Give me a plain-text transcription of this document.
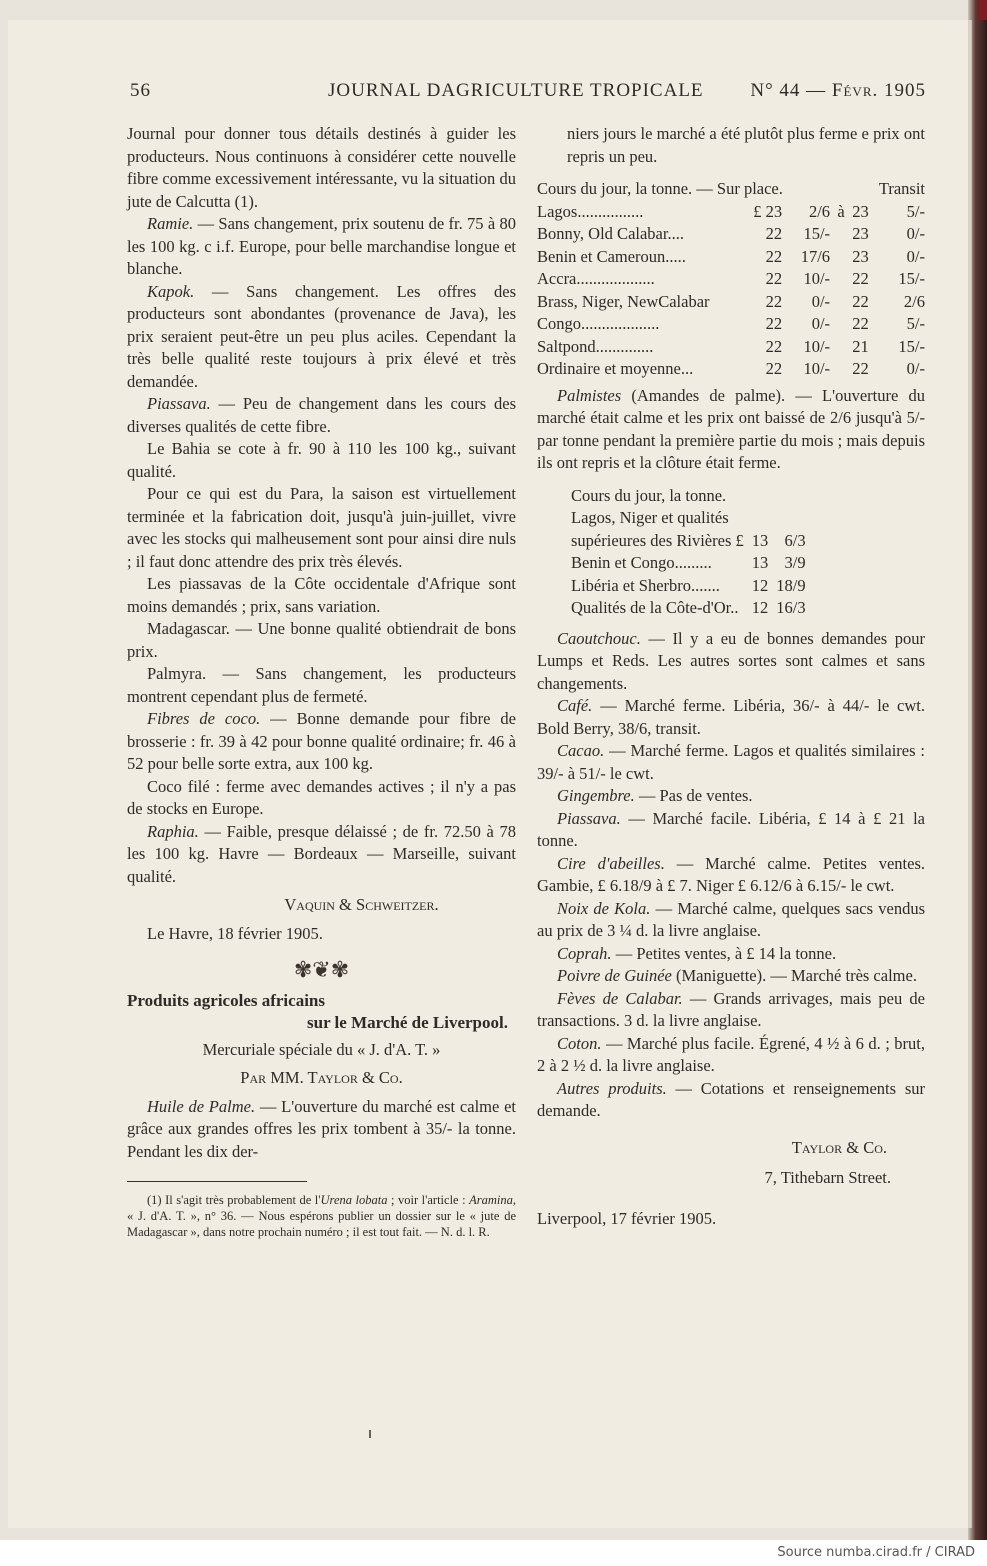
56	JOURNAL DAGRICULTURE TROPICALE N° 44 — Févr. 1905

Journal pour donner tous détails destinés à guider les producteurs. Nous continuons à considérer cette nouvelle fibre comme excessivement intéressante, vu la situation du jute de Calcutta (1).

Ramie. — Sans changement, prix soutenu de fr. 75 à 80 les 100 kg. c i.f. Europe, pour belle marchandise longue et blanche.

Kapok. — Sans changement. Les offres des producteurs sont abondantes (provenance de Java), les prix seraient peut-être un peu plus aciles. Cependant la très belle qualité reste toujours à prix élevé et très demandée.

Piassava. — Peu de changement dans les cours des diverses qualités de cette fibre.

Le Bahia se cote à fr. 90 à 110 les 100 kg., suivant qualité.

Pour ce qui est du Para, la saison est virtuellement terminée et la fabrication doit, jusqu'à juin-juillet, vivre avec les stocks qui malheusement sont pour ainsi dire nuls ; il faut donc attendre des prix très élevés.

Les piassavas de la Côte occidentale d'Afrique sont moins demandés ; prix, sans variation.

Madagascar. — Une bonne qualité obtiendrait de bons prix.

Palmyra. — Sans changement, les producteurs montrent cependant plus de fermeté.

Fibres de coco. — Bonne demande pour fibre de brosserie : fr. 39 à 42 pour bonne qualité ordinaire; fr. 46 à 52 pour belle sorte extra, aux 100 kg.

Coco filé : ferme avec demandes actives ; il n'y a pas de stocks en Europe.

Raphia. — Faible, presque délaissé ; de fr. 72.50 à 78 les 100 kg. Havre — Bordeaux — Marseille, suivant qualité.

Vaquin & Schweitzer.

Le Havre, 18 février 1905.

✾❦✾

Produits agricoles africains

sur le Marché de Liverpool.

Mercuriale spéciale du « J. d'A. T. »

Par MM. Taylor & Co.

Huile de Palme. — L'ouverture du marché est calme et grâce aux grandes offres les prix tombent à 35/- la tonne. Pendant les dix der-

(1) Il s'agit très probablement de l'Urena lobata ; voir l'article : Aramina, « J. d'A. T. », n° 36. — Nous espérons publier un dossier sur le « jute de Madagascar », dans notre prochain numéro ; il est tout fait. — N. d. l. R.

niers jours le marché a été plutôt plus ferme e prix ont repris un peu.

Cours du jour, la tonne. — Sur place.					Transit
Lagos................	£ 23	2/6	à	23	5/-
Bonny, Old Calabar....	22	15/-		23	0/-
Benin et Cameroun.....	22	17/6		23	0/-
Accra...................	22	10/-		22	15/-
Brass, Niger, NewCalabar	22	0/-		22	2/6
Congo...................	22	0/-		22	5/-
Saltpond..............	22	10/-		21	15/-
Ordinaire et moyenne...	22	10/-		22	0/-

Palmistes (Amandes de palme). — L'ouverture du marché était calme et les prix ont baissé de 2/6 jusqu'à 5/- par tonne pendant la première partie du mois ; mais depuis ils ont repris et la clôture était ferme.

Cours du jour, la tonne.		
Lagos, Niger et qualités		
supérieures des Rivières £	13	6/3
Benin et Congo.........	13	3/9
Libéria et Sherbro.......	12	18/9
Qualités de la Côte-d'Or..	12	16/3

Caoutchouc. — Il y a eu de bonnes demandes pour Lumps et Reds. Les autres sortes sont calmes et sans changements.

Café. — Marché ferme. Libéria, 36/- à 44/- le cwt. Bold Berry, 38/6, transit.

Cacao. — Marché ferme. Lagos et qualités similaires : 39/- à 51/- le cwt.

Gingembre. — Pas de ventes.

Piassava. — Marché facile. Libéria, £ 14 à £ 21 la tonne.

Cire d'abeilles. — Marché calme. Petites ventes. Gambie, £ 6.18/9 à £ 7. Niger £ 6.12/6 à 6.15/- le cwt.

Noix de Kola. — Marché calme, quelques sacs vendus au prix de 3 ¼ d. la livre anglaise.

Coprah. — Petites ventes, à £ 14 la tonne.

Poivre de Guinée (Maniguette). — Marché très calme.

Fèves de Calabar. — Grands arrivages, mais peu de transactions. 3 d. la livre anglaise.

Coton. — Marché plus facile. Égrené, 4 ½ à 6 d. ; brut, 2 à 2 ½ d. la livre anglaise.

Autres produits. — Cotations et renseignements sur demande.

Taylor & Co.

7, Tithebarn Street.

Liverpool, 17 février 1905.

Source numba.cirad.fr / CIRAD
